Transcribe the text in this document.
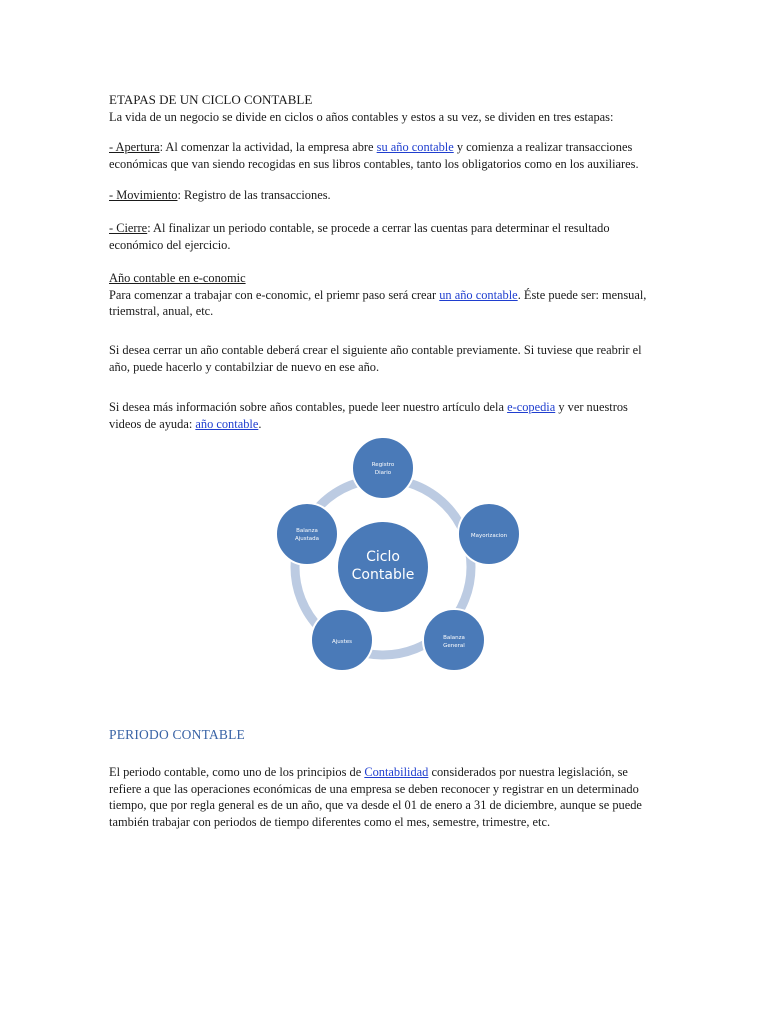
ETAPAS DE UN CICLO CONTABLE

La vida de un negocio se divide en ciclos o años contables y estos a su vez, se dividen en tres estapas:

- Apertura: Al comenzar la actividad, la empresa abre su año contable y comienza a realizar transacciones económicas que van siendo recogidas en sus libros contables, tanto los obligatorios como en los auxiliares.

- Movimiento: Registro de las transacciones.

- Cierre: Al finalizar un periodo contable, se procede a cerrar las cuentas para determinar el resultado económico del ejercicio.

Año contable en e-conomic

Para comenzar a trabajar con e-conomic, el priemr paso será crear un año contable. Éste puede ser: mensual, triemstral, anual, etc.

Si desea cerrar un año contable deberá crear el siguiente año contable previamente. Si tuviese que reabrir el año, puede hacerlo y contabilziar de nuevo en ese año.

Si desea más información sobre años contables, puede leer nuestro artículo dela e-copedia y ver nuestros videos de ayuda: año contable.

Ciclo
Contable
Registro
Diario
Mayorizacion
Balanza
General
Ajustes
Balanza
Ajustada

PERIODO CONTABLE

El periodo contable, como uno de los principios de Contabilidad considerados por nuestra legislación, se refiere a que las operaciones económicas de una empresa se deben reconocer y registrar en un determinado tiempo, que por regla general es de un año, que va desde el 01 de enero a 31 de diciembre, aunque se puede también trabajar con periodos de tiempo diferentes como el mes, semestre, trimestre, etc.
